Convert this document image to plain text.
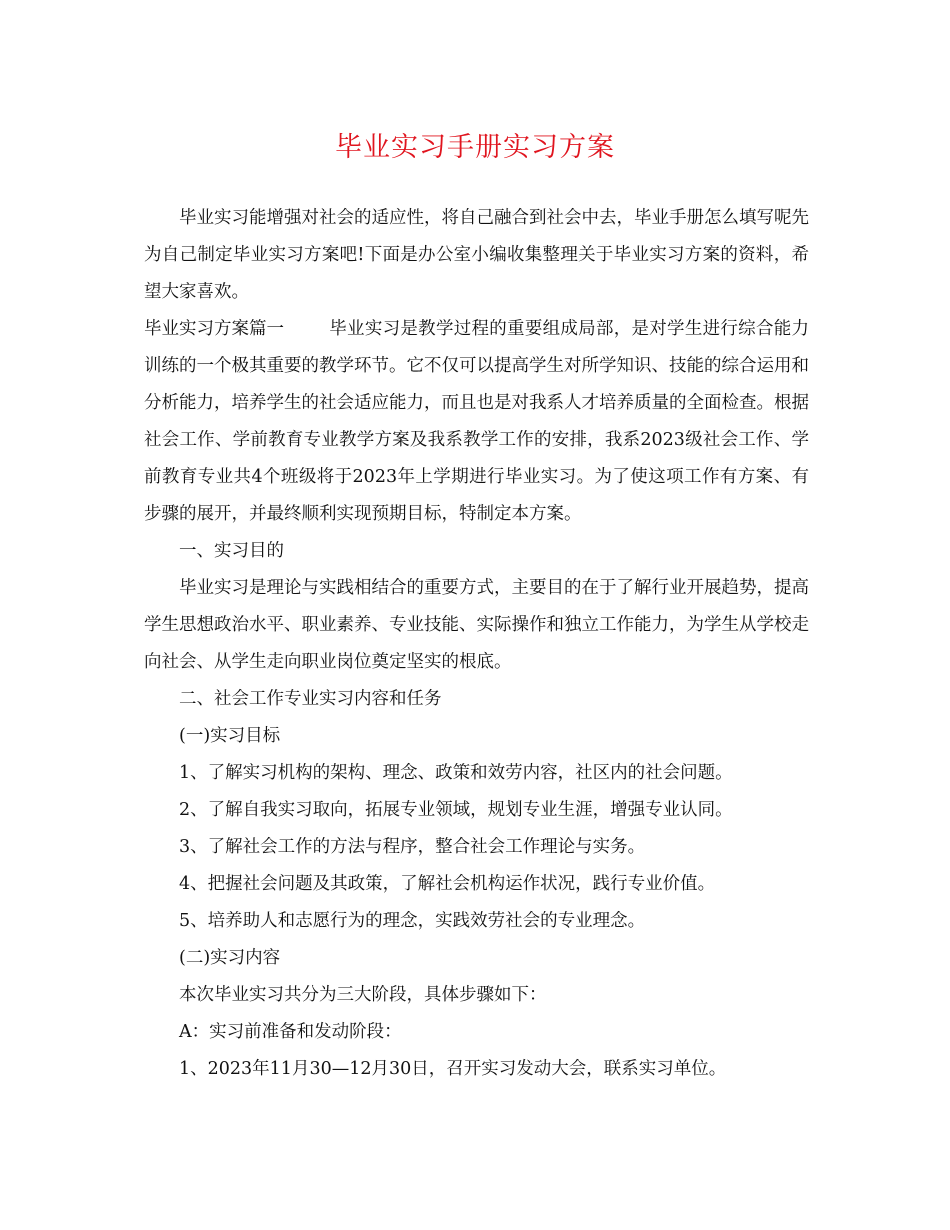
毕业实习手册实习方案

毕业实习能增强对社会的适应性，将自己融合到社会中去，毕业手册怎么填写呢先为自己制定毕业实习方案吧!下面是办公室小编收集整理关于毕业实习方案的资料，希望大家喜欢。

毕业实习方案篇一	毕业实习是教学过程的重要组成局部，是对学生进行综合能力训练的一个极其重要的教学环节。它不仅可以提高学生对所学知识、技能的综合运用和分析能力，培养学生的社会适应能力，而且也是对我系人才培养质量的全面检查。根据社会工作、学前教育专业教学方案及我系教学工作的安排，我系2023级社会工作、学前教育专业共4个班级将于2023年上学期进行毕业实习。为了使这项工作有方案、有步骤的展开，并最终顺利实现预期目标，特制定本方案。

一、实习目的

毕业实习是理论与实践相结合的重要方式，主要目的在于了解行业开展趋势，提高学生思想政治水平、职业素养、专业技能、实际操作和独立工作能力，为学生从学校走向社会、从学生走向职业岗位奠定坚实的根底。

二、社会工作专业实习内容和任务

(一)实习目标

1、了解实习机构的架构、理念、政策和效劳内容，社区内的社会问题。

2、了解自我实习取向，拓展专业领域，规划专业生涯，增强专业认同。

3、了解社会工作的方法与程序，整合社会工作理论与实务。

4、把握社会问题及其政策，了解社会机构运作状况，践行专业价值。

5、培养助人和志愿行为的理念，实践效劳社会的专业理念。

(二)实习内容

本次毕业实习共分为三大阶段，具体步骤如下：

A：实习前准备和发动阶段：

1、2023年11月30—12月30日，召开实习发动大会，联系实习单位。
